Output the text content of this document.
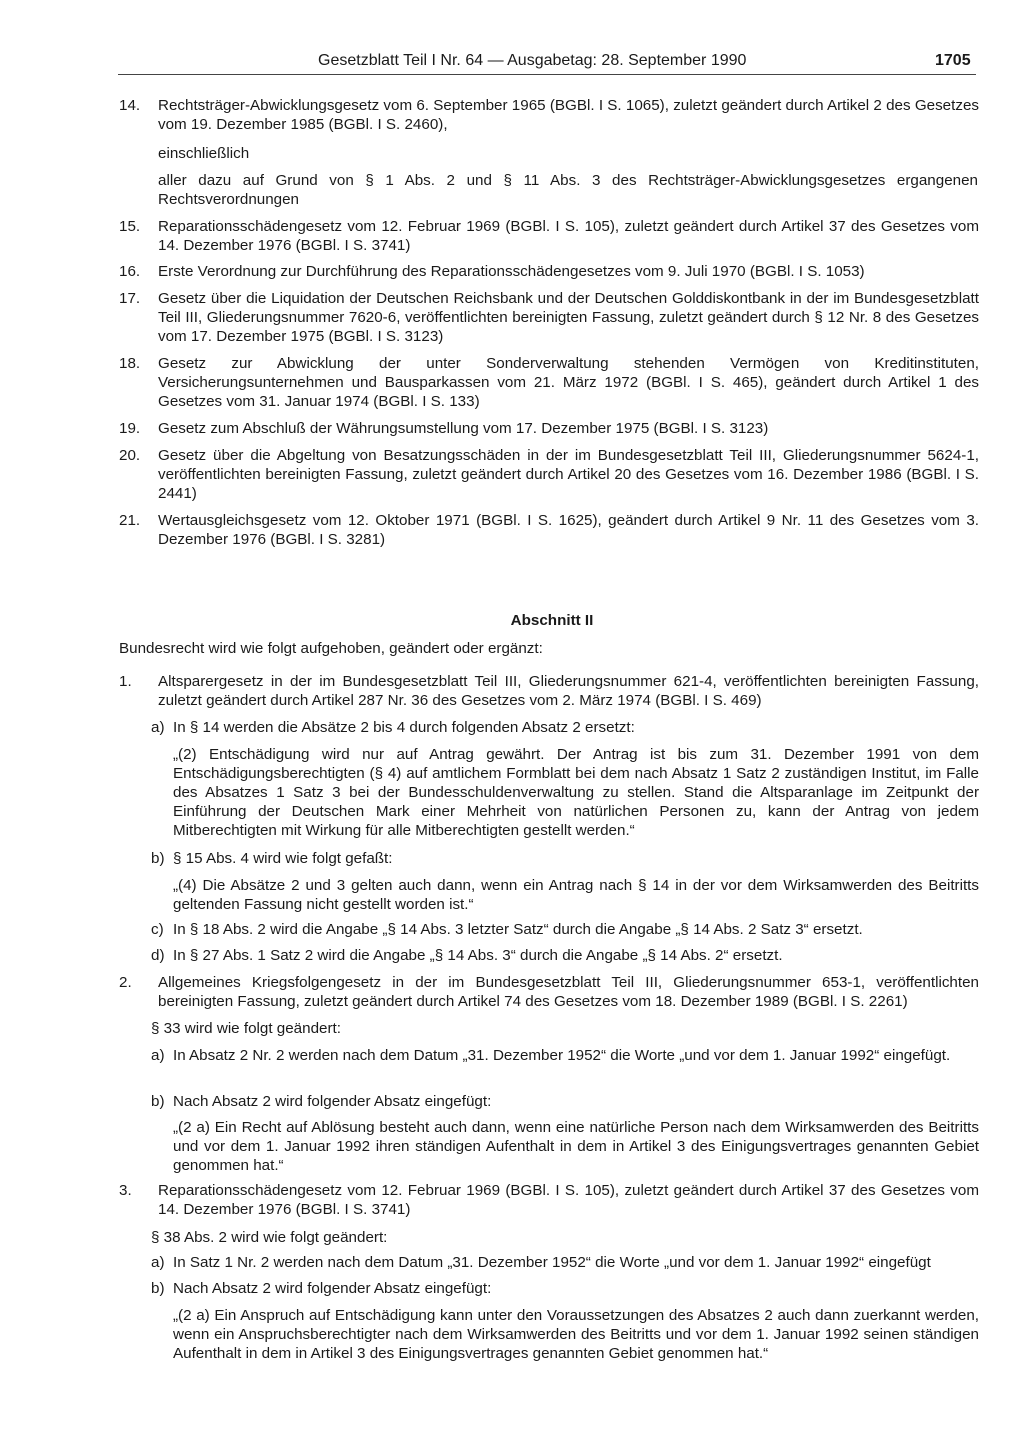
Gesetzblatt Teil I Nr. 64 — Ausgabetag: 28. September 1990	1705
14.	Rechtsträger-Abwicklungsgesetz vom 6. September 1965 (BGBl. I S. 1065), zuletzt geändert durch Artikel 2 des Gesetzes vom 19. Dezember 1985 (BGBl. I S. 2460),
einschließlich
aller dazu auf Grund von § 1 Abs. 2 und § 11 Abs. 3 des Rechtsträger-Abwicklungsgesetzes ergangenen Rechtsverordnungen
15.	Reparationsschädengesetz vom 12. Februar 1969 (BGBl. I S. 105), zuletzt geändert durch Artikel 37 des Gesetzes vom 14. Dezember 1976 (BGBl. I S. 3741)
16.	Erste Verordnung zur Durchführung des Reparationsschädengesetzes vom 9. Juli 1970 (BGBl. I S. 1053)
17.	Gesetz über die Liquidation der Deutschen Reichsbank und der Deutschen Golddiskontbank in der im Bundesgesetzblatt Teil III, Gliederungsnummer 7620-6, veröffentlichten bereinigten Fassung, zuletzt geändert durch § 12 Nr. 8 des Gesetzes vom 17. Dezember 1975 (BGBl. I S. 3123)
18.	Gesetz zur Abwicklung der unter Sonderverwaltung stehenden Vermögen von Kreditinstituten, Versicherungsunternehmen und Bausparkassen vom 21. März 1972 (BGBl. I S. 465), geändert durch Artikel 1 des Gesetzes vom 31. Januar 1974 (BGBl. I S. 133)
19.	Gesetz zum Abschluß der Währungsumstellung vom 17. Dezember 1975 (BGBl. I S. 3123)
20.	Gesetz über die Abgeltung von Besatzungsschäden in der im Bundesgesetzblatt Teil III, Gliederungsnummer 5624-1, veröffentlichten bereinigten Fassung, zuletzt geändert durch Artikel 20 des Gesetzes vom 16. Dezember 1986 (BGBl. I S. 2441)
21.	Wertausgleichsgesetz vom 12. Oktober 1971 (BGBl. I S. 1625), geändert durch Artikel 9 Nr. 11 des Gesetzes vom 3. Dezember 1976 (BGBl. I S. 3281)
Abschnitt II
Bundesrecht wird wie folgt aufgehoben, geändert oder ergänzt:
1.	Altsparergesetz in der im Bundesgesetzblatt Teil III, Gliederungsnummer 621-4, veröffentlichten bereinigten Fassung, zuletzt geändert durch Artikel 287 Nr. 36 des Gesetzes vom 2. März 1974 (BGBl. I S. 469)
a) In § 14 werden die Absätze 2 bis 4 durch folgenden Absatz 2 ersetzt:
„(2) Entschädigung wird nur auf Antrag gewährt. Der Antrag ist bis zum 31. Dezember 1991 von dem Entschädigungsberechtigten (§ 4) auf amtlichem Formblatt bei dem nach Absatz 1 Satz 2 zuständigen Institut, im Falle des Absatzes 1 Satz 3 bei der Bundesschuldenverwaltung zu stellen. Stand die Altsparanlage im Zeitpunkt der Einführung der Deutschen Mark einer Mehrheit von natürlichen Personen zu, kann der Antrag von jedem Mitberechtigten mit Wirkung für alle Mitberechtigten gestellt werden.“
b) § 15 Abs. 4 wird wie folgt gefaßt:
„(4) Die Absätze 2 und 3 gelten auch dann, wenn ein Antrag nach § 14 in der vor dem Wirksamwerden des Beitritts geltenden Fassung nicht gestellt worden ist.“
c) In § 18 Abs. 2 wird die Angabe „§ 14 Abs. 3 letzter Satz“ durch die Angabe „§ 14 Abs. 2 Satz 3“ ersetzt.
d) In § 27 Abs. 1 Satz 2 wird die Angabe „§ 14 Abs. 3“ durch die Angabe „§ 14 Abs. 2“ ersetzt.
2.	Allgemeines Kriegsfolgengesetz in der im Bundesgesetzblatt Teil III, Gliederungsnummer 653-1, veröffentlichten bereinigten Fassung, zuletzt geändert durch Artikel 74 des Gesetzes vom 18. Dezember 1989 (BGBl. I S. 2261)
§ 33 wird wie folgt geändert:
a) In Absatz 2 Nr. 2 werden nach dem Datum „31. Dezember 1952“ die Worte „und vor dem 1. Januar 1992“ eingefügt.
b) Nach Absatz 2 wird folgender Absatz eingefügt:
„(2 a) Ein Recht auf Ablösung besteht auch dann, wenn eine natürliche Person nach dem Wirksamwerden des Beitritts und vor dem 1. Januar 1992 ihren ständigen Aufenthalt in dem in Artikel 3 des Einigungsvertrages genannten Gebiet genommen hat.“
3.	Reparationsschädengesetz vom 12. Februar 1969 (BGBl. I S. 105), zuletzt geändert durch Artikel 37 des Gesetzes vom 14. Dezember 1976 (BGBl. I S. 3741)
§ 38 Abs. 2 wird wie folgt geändert:
a) In Satz 1 Nr. 2 werden nach dem Datum „31. Dezember 1952“ die Worte „und vor dem 1. Januar 1992“ eingefügt
b) Nach Absatz 2 wird folgender Absatz eingefügt:
„(2 a) Ein Anspruch auf Entschädigung kann unter den Voraussetzungen des Absatzes 2 auch dann zuerkannt werden, wenn ein Anspruchsberechtigter nach dem Wirksamwerden des Beitritts und vor dem 1. Januar 1992 seinen ständigen Aufenthalt in dem in Artikel 3 des Einigungsvertrages genannten Gebiet genommen hat.“
